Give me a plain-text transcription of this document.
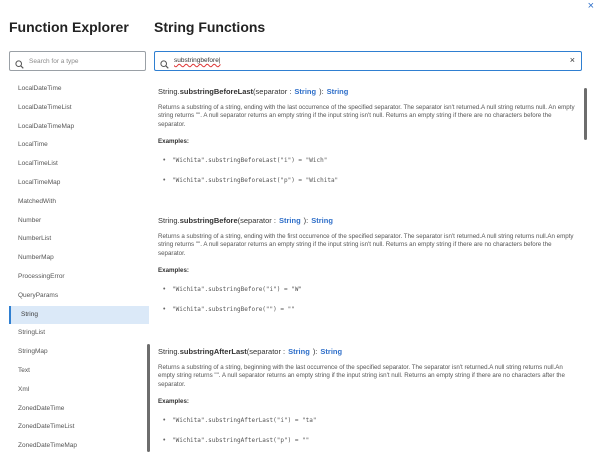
×
Function Explorer String Functions
Search for a type
substringbefore|	×
LocalDateTime
LocalDateTimeList
LocalDateTimeMap
LocalTime
LocalTimeList
LocalTimeMap
MatchedWith
Number
NumberList
NumberMap
ProcessingError
QueryParams
String
StringList
StringMap
Text
Xml
ZonedDateTime
ZonedDateTimeList
ZonedDateTimeMap
String.substringBeforeLast(separator : String ): String
Returns a substring of a string, ending with the last occurrence of the specified separator. The separator isn't returned.A null string returns null. An empty string returns "". A null separator returns an empty string if the input string isn't null. Returns an empty string if there are no characters before the separator.
Examples:
• "Wichita".substringBeforeLast("i") = "Wich"
• "Wichita".substringBeforeLast("p") = "Wichita"
String.substringBefore(separator : String ): String
Returns a substring of a string, ending with the first occurrence of the specified separator. The separator isn't returned.A null string returns null.An empty string returns "". A null separator returns an empty string if the input string isn't null. Returns an empty string if there are no characters before the separator.
Examples:
• "Wichita".substringBefore("i") = "W"
• "Wichita".substringBefore("") = ""
String.substringAfterLast(separator : String ): String
Returns a substring of a string, beginning with the last occurrence of the specified separator. The separator isn't returned.A null string returns null.An empty string returns "". A null separator returns an empty string if the input string isn't null. Returns an empty string if there are no characters after the separator.
Examples:
• "Wichita".substringAfterLast("i") = "ta"
• "Wichita".substringAfterLast("p") = ""
